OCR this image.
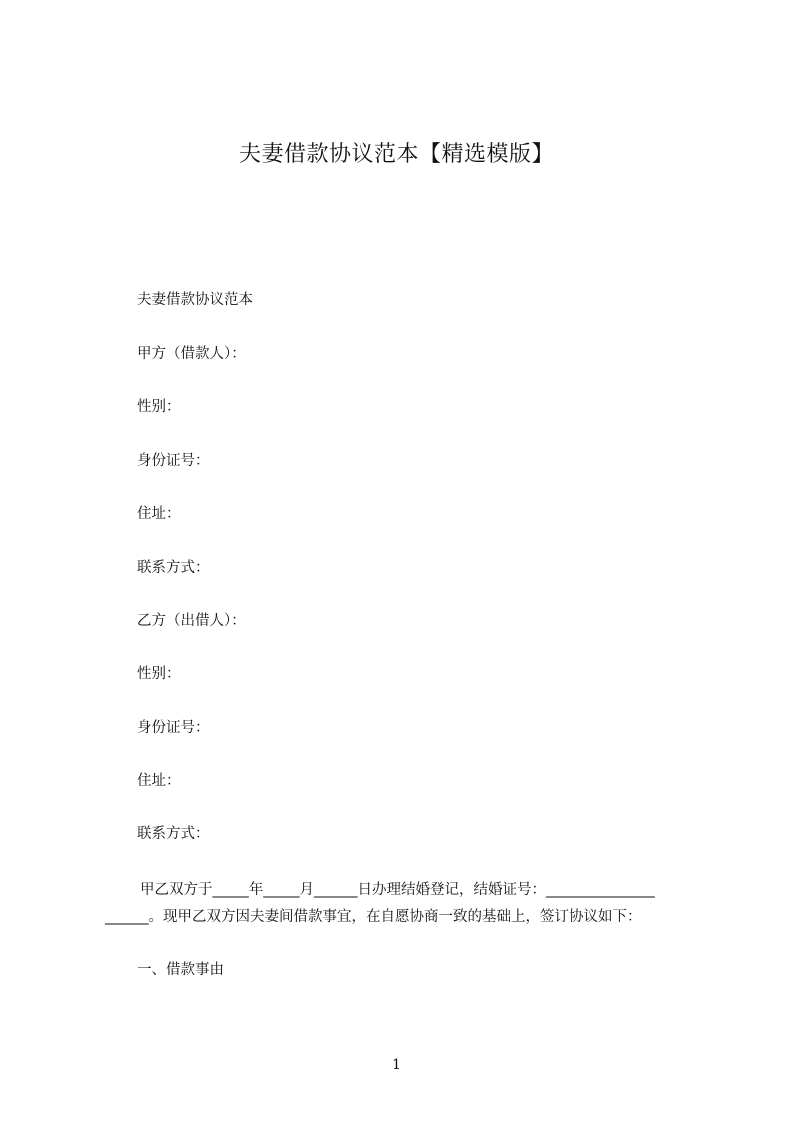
夫妻借款协议范本【精选模版】
夫妻借款协议范本
甲方（借款人）：
性别：
身份证号：
住址：
联系方式：
乙方（出借人）：
性别：
身份证号：
住址：
联系方式：
甲乙双方于_____年_____月______日办理结婚登记，结婚证号：_______________
______。现甲乙双方因夫妻间借款事宜，在自愿协商一致的基础上，签订协议如下：
一、借款事由
1
